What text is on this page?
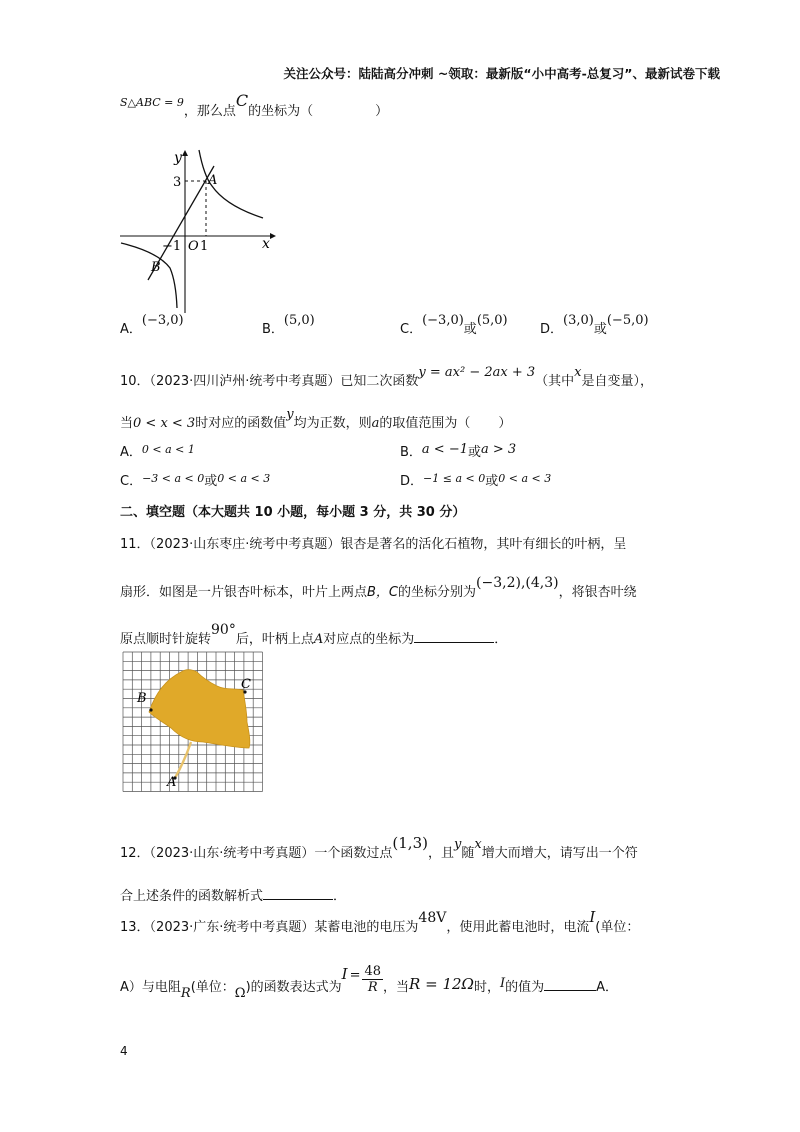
关注公众号：陆陆高分冲刺 ~领取：最新版“小中高考-总复习”、最新试卷下载
$^{S\triangle ABC = 9}$，那么点C的坐标为（	）
y
x
3 A
B
−1 O 1
A．(−3,0)
B．(5,0)
C．(−3,0)或(5,0)
D．(3,0)或(−5,0)
10．（2023·四川泸州·统考中考真题）已知二次函数y = ax² − 2ax + 3（其中x是自变量），
当0 < x < 3时对应的函数值y均为正数，则a的取值范围为（ ）
A．$^{0 < a < 1}$	B．a < −1或a > 3
C．$^{-3 < a < 0}$或$^{0 < a < 3}$	D．$^{-1 \le a < 0}$或$^{0 < a < 3}$
二、填空题（本大题共 10 小题，每小题 3 分，共 30 分）
11．（2023·山东枣庄·统考中考真题）银杏是著名的活化石植物，其叶有细长的叶柄，呈
扇形．如图是一片银杏叶标本，叶片上两点B，C的坐标分别为(−3,2),(4,3)，将银杏叶绕
原点顺时针旋转90°后，叶柄上点A对应点的坐标为	．
B
C
A
12．（2023·山东·统考中考真题）一个函数过点(1,3)，且y随x增大而增大，请写出一个符
合上述条件的函数解析式	．
13．（2023·广东·统考中考真题）某蓄电池的电压为48V，使用此蓄电池时，电流I(单位：
A）与电阻R(单位：Ω)的函数表达式为$I = \frac{48}{R}$ ，当R = 12Ω时，I的值为	A．
4
